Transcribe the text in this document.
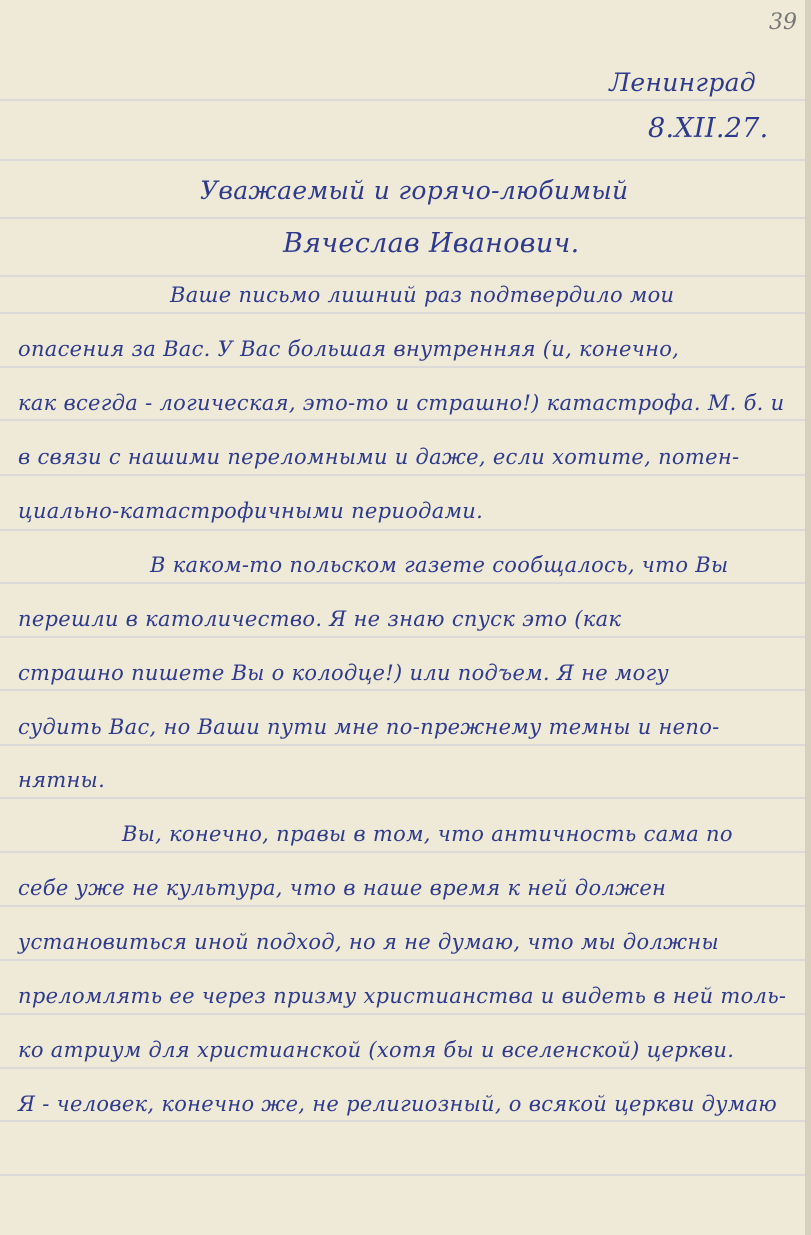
39
Ленинград
8.XII.27.
Уважаемый и горячо-любимый
Вячеслав Иванович.
Ваше письмо лишний раз подтвердило мои
опасения за Вас. У Вас большая внутренняя (и, конечно,
как всегда - логическая, это-то и страшно!) катастрофа. М. б. и
в связи с нашими переломными и даже, если хотите, потен-
циально-катастрофичными периодами.
В каком-то польском газете сообщалось, что Вы
перешли в католичество. Я не знаю спуск это (как
страшно пишете Вы о колодце!) или подъем. Я не могу
судить Вас, но Ваши пути мне по-прежнему темны и непо-
нятны.
Вы, конечно, правы в том, что античность сама по
себе уже не культура, что в наше время к ней должен
установиться иной подход, но я не думаю, что мы должны
преломлять ее через призму христианства и видеть в ней толь-
ко атриум для христианской (хотя бы и вселенской) церкви.
Я - человек, конечно же, не религиозный, о всякой церкви думаю
